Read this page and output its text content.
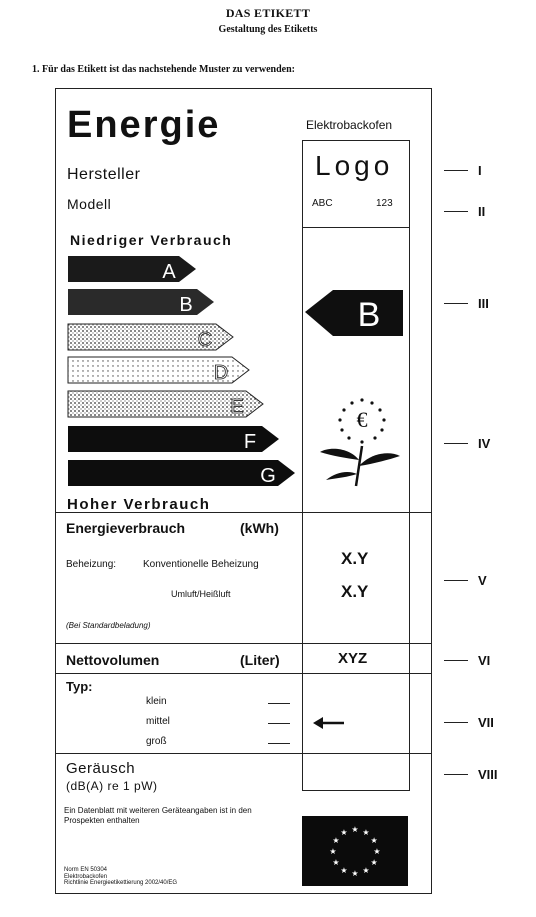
DAS ETIKETT
Gestaltung des Etiketts
1. Für das Etikett ist das nachstehende Muster zu verwenden:
Energie	Elektrobackofen
Hersteller
Modell
Logo
ABC	123
Niedriger Verbrauch
Hoher Verbrauch
A
B
C
D
E
F
G
B
€
Energieverbrauch	(kWh)
Beheizung:	Konventionelle Beheizung
Umluft/Heißluft
(Bei Standardbeladung)
X.Y
X.Y
Nettovolumen	(Liter)	XYZ
Typ:
klein
mittel
groß
Geräusch
(dB(A) re 1 pW)
Ein Datenblatt mit weiteren Geräteangaben ist in den Prospekten enthalten
Norm EN 50304
Elektrobackofen
Richtlinie Energieetikettierung 2002/40/EG
★ ★
★
★
★
★
★
★
★
★
★
★
I
II
III
IV
V
VI
VII
VIII
